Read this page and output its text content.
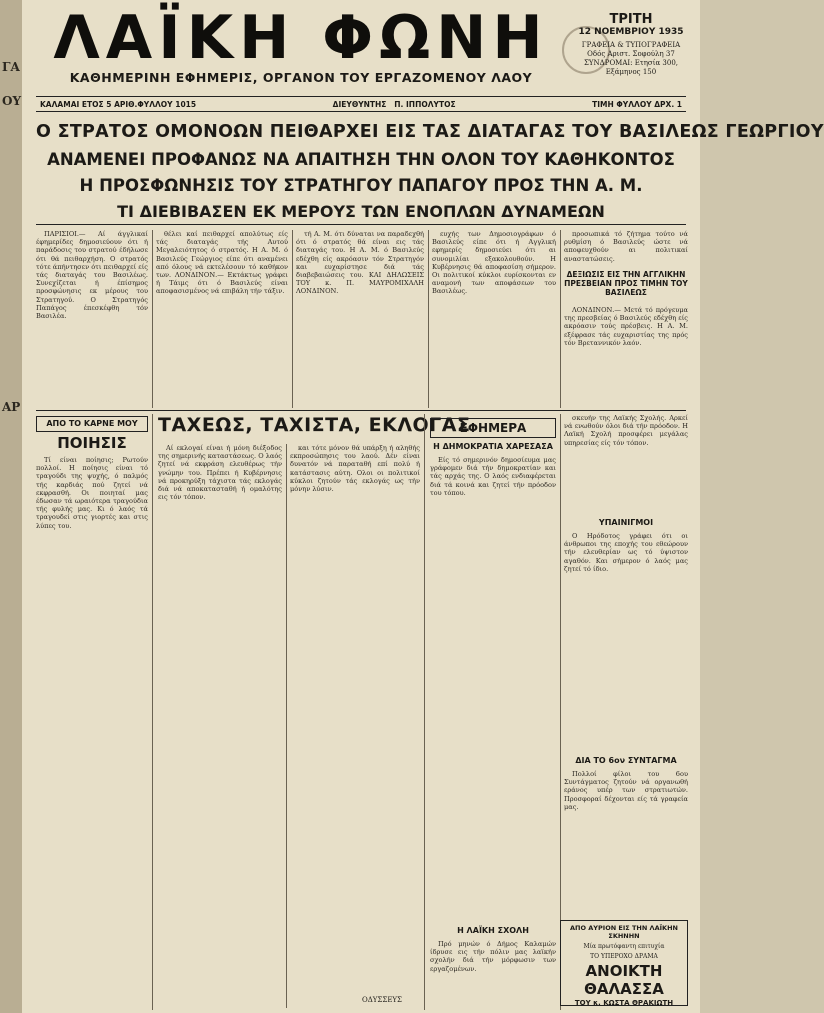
ΓΑ
ΟΥ
ΑΡ
ΛΑΪΚΗ ΦΩΝΗ
ΚΑΘΗΜΕΡΙΝΗ ΕΦΗΜΕΡΙΣ, ΟΡΓΑΝΟΝ ΤΟΥ ΕΡΓΑΖΟΜΕΝΟΥ ΛΑΟΥ
ΤΡΙΤΗ
12 ΝΟΕΜΒΡΙΟΥ 1935
ΓΡΑΦΕΙΑ & ΤΥΠΟΓΡΑΦΕΙΑ
Οδός Αριστ. Σοφούλη 37
ΣΥΝΔΡΟΜΑΙ: Ετησία 300, Εξάμηνος 150
ΚΑΛΑΜΑΙ ΕΤΟΣ 5 ΑΡΙΘ.ΦΥΛΛΟΥ 1015	ΔΙΕΥΘΥΝΤΗΣ Π. ΙΠΠΟΛΥΤΟΣ	ΤΙΜΗ ΦΥΛΛΟΥ ΔΡΧ. 1
Ο ΣΤΡΑΤΟΣ ΟΜΟΝΟΩΝ ΠΕΙΘΑΡΧΕΙ ΕΙΣ ΤΑΣ ΔΙΑΤΑΓΑΣ ΤΟΥ ΒΑΣΙΛΕΩΣ ΓΕΩΡΓΙΟΥ
ΑΝΑΜΕΝΕΙ ΠΡΟΦΑΝΩΣ ΝΑ ΑΠΑΙΤΗΣΗ ΤΗΝ ΟΛΟΝ ΤΟΥ ΚΑΘΗΚΟΝΤΟΣ
Η ΠΡΟΣΦΩΝΗΣΙΣ ΤΟΥ ΣΤΡΑΤΗΓΟΥ ΠΑΠΑΓΟΥ ΠΡΟΣ ΤΗΝ Α. Μ.
ΤΙ ΔΙΕΒΙΒΑΣΕΝ ΕΚ ΜΕΡΟΥΣ ΤΩΝ ΕΝΟΠΛΩΝ ΔΥΝΑΜΕΩΝ

ΠΑΡΙΣΙΟΙ.— Αί άγγλικαί έφημερίδες δημοσιεύουν ότι ή παράδοσις του στρατού έδήλωσε ότι θά πειθαρχήση. Ο στρατός τότε άπήντησεν ότι πειθαρχεί είς τάς διαταγάς του Βασιλέως. Συνεχίζεται ή έπίσημος προσφώνησις εκ μέρους του Στρατηγού. Ο Στρατηγός Παπάγος έπεσκέφθη τόν Βασιλέα.

θέλει καί πειθαρχεί απολύτως είς τάς διαταγάς τής Αυτού Μεγαλειότητος ό στρατός. Η Α. Μ. ό Βασιλεύς Γεώργιος είπε ότι αναμένει από όλους νά εκτελέσουν τό καθήκον των. ΛΟΝΔΙΝΟΝ.— Εκτάκτως γράφει ή Τάιμς ότι ό Βασιλεύς είναι αποφασισμένος νά επιβάλη τήν τάξιν.

τή Α. Μ. ότι δύναται να παραδεχθή ότι ό στρατός θά είναι εις τάς διαταγάς του. Η Α. Μ. ό Βασιλεύς εδέχθη είς ακρόασιν τόν Στρατηγόν και ευχαρίστησε διά τάς διαβεβαιώσεις του. ΚΑΙ ΔΗΛΩΣΕΙΣ ΤΟΥ κ. Π. ΜΑΥΡΟΜΙΧΑΛΗ ΛΟΝΔΙΝΟΝ.

ευχής των Δημοσιογράφων ό Βασιλεύς είπε ότι ή Αγγλική εφημερίς δημοσιεύει ότι αι συνομιλίαι εξακολουθούν. Η Κυβέρνησις θά αποφασίση σήμερον. Οι πολιτικοί κύκλοι ευρίσκονται εν αναμονή των αποφάσεων του Βασιλέως.

προσωπικά τό ζήτημα τούτο νά ρυθμίση ό Βασιλεύς ώστε νά αποφευχθούν αι πολιτικαί αναστατώσεις.

ΔΕΞΙΩΣΙΣ ΕΙΣ ΤΗΝ ΑΓΓΛΙΚΗΝ ΠΡΕΣΒΕΙΑΝ ΠΡΟΣ ΤΙΜΗΝ ΤΟΥ ΒΑΣΙΛΕΩΣ

ΛΟΝΔΙΝΟΝ.— Μετά τό πρόγευμα της πρεσβείας ό Βασιλεύς εδέχθη είς ακρόασιν τούς πρέσβεις. Η Α. Μ. εξέφρασε τάς ευχαριστίας της πρός τόν Βρεταννικόν λαόν.

ΑΠΟ ΤΟ ΚΑΡΝΕ ΜΟΥ
ΠΟΙΗΣΙΣ

Τί είναι ποίησις; Ρωτούν πολλοί. Η ποίησις είναι τό τραγούδι της ψυχής, ό παλμός τής καρδιάς πού ζητεί νά εκφρασθή. Οι ποιηταί μας έδωσαν τά ωραιότερα τραγούδια τής φυλής μας. Κι ό λαός τά τραγουδεί στις γιορτές και στις λύπες του.

ΤΑΧΕΩΣ, ΤΑΧΙΣΤΑ, ΕΚΛΟΓΑΣ

Αί εκλογαί είναι ή μόνη διέξοδος της σημερινής καταστάσεως. Ο λαός ζητεί νά εκφράση ελευθέρως τήν γνώμην του. Πρέπει ή Κυβέρνησις νά προκηρύξη τάχιστα τάς εκλογάς διά νά αποκατασταθή ή ομαλότης εις τόν τόπον.

και τότε μόνον θά υπάρξη ή αληθής εκπροσώπησις του λαού. Δέν είναι δυνατόν νά παραταθή επί πολύ ή κατάστασις αύτη. Ολοι οι πολιτικοί κύκλοι ζητούν τάς εκλογάς ως τήν μόνην λύσιν.

ΟΔΥΣΣΕΥΣ
ΕΦΗΜΕΡΑ
Η ΔΗΜΟΚΡΑΤΙΑ ΧΑΡΕΣΑΣΑ

Είς τό σημερινόν δημοσίευμα μας γράφομεν διά τήν δημοκρατίαν και τάς αρχάς της. Ο λαός ενδιαφέρεται διά τά κοινά και ζητεί τήν πρόοδον του τόπου.

Η ΛΑΪΚΗ ΣΧΟΛΗ

Πρό μηνών ό Δήμος Καλαμών ίδρυσε εις τήν πόλιν μας λαϊκήν σχολήν διά τήν μόρφωσιν των εργαζομένων.

σκευήν της Λαϊκής Σχολής. Αρκεί νά ενωθούν όλοι διά τήν πρόοδον. Η Λαϊκή Σχολή προσφέρει μεγάλας υπηρεσίας είς τόν τόπον.

ΥΠΑΙΝΙΓΜΟΙ

Ο Ηρόδοτος γράφει ότι οι άνθρωποι της εποχής του εθεώρουν τήν ελευθερίαν ως τό ύψιστον αγαθόν. Και σήμερον ό λαός μας ζητεί τό ίδιο.

ΔΙΑ ΤΟ 6ον ΣΥΝΤΑΓΜΑ

Πολλοί φίλοι του 6ου Συντάγματος ζητούν νά οργανωθή εράνος υπέρ των στρατιωτών. Προσφοραί δέχονται είς τά γραφεία μας.

ΑΠΟ ΑΥΡΙΟΝ ΕΙΣ ΤΗΝ ΛΑΪΚΗΝ ΣΚΗΝΗΝ
Μία πρωτόφαντη επιτυχία
ΤΟ ΥΠΕΡΟΧΟ ΔΡΑΜΑ
ΑΝΟΙΚΤΗ
ΘΑΛΑΣΣΑ
ΤΟΥ κ. ΚΩΣΤΑ ΘΡΑΚΙΩΤΗ
